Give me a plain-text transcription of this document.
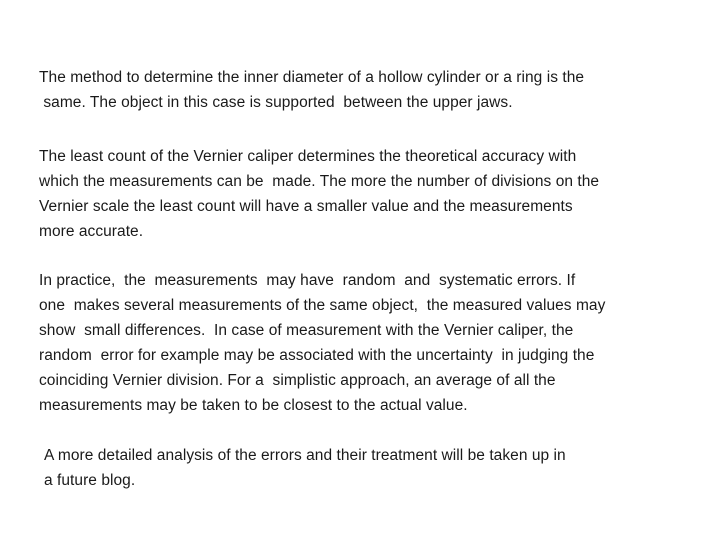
The method to determine the inner diameter of a hollow cylinder or a ring is the
same. The object in this case is supported  between the upper jaws.

The least count of the Vernier caliper determines the theoretical accuracy with
which the measurements can be  made. The more the number of divisions on the
Vernier scale the least count will have a smaller value and the measurements
more accurate.

In practice,  the  measurements  may have  random  and  systematic errors. If
one  makes several measurements of the same object,  the measured values may
show  small differences.  In case of measurement with the Vernier caliper, the
random  error for example may be associated with the uncertainty  in judging the
coinciding Vernier division. For a  simplistic approach, an average of all the
measurements may be taken to be closest to the actual value.

A more detailed analysis of the errors and their treatment will be taken up in
a future blog.
